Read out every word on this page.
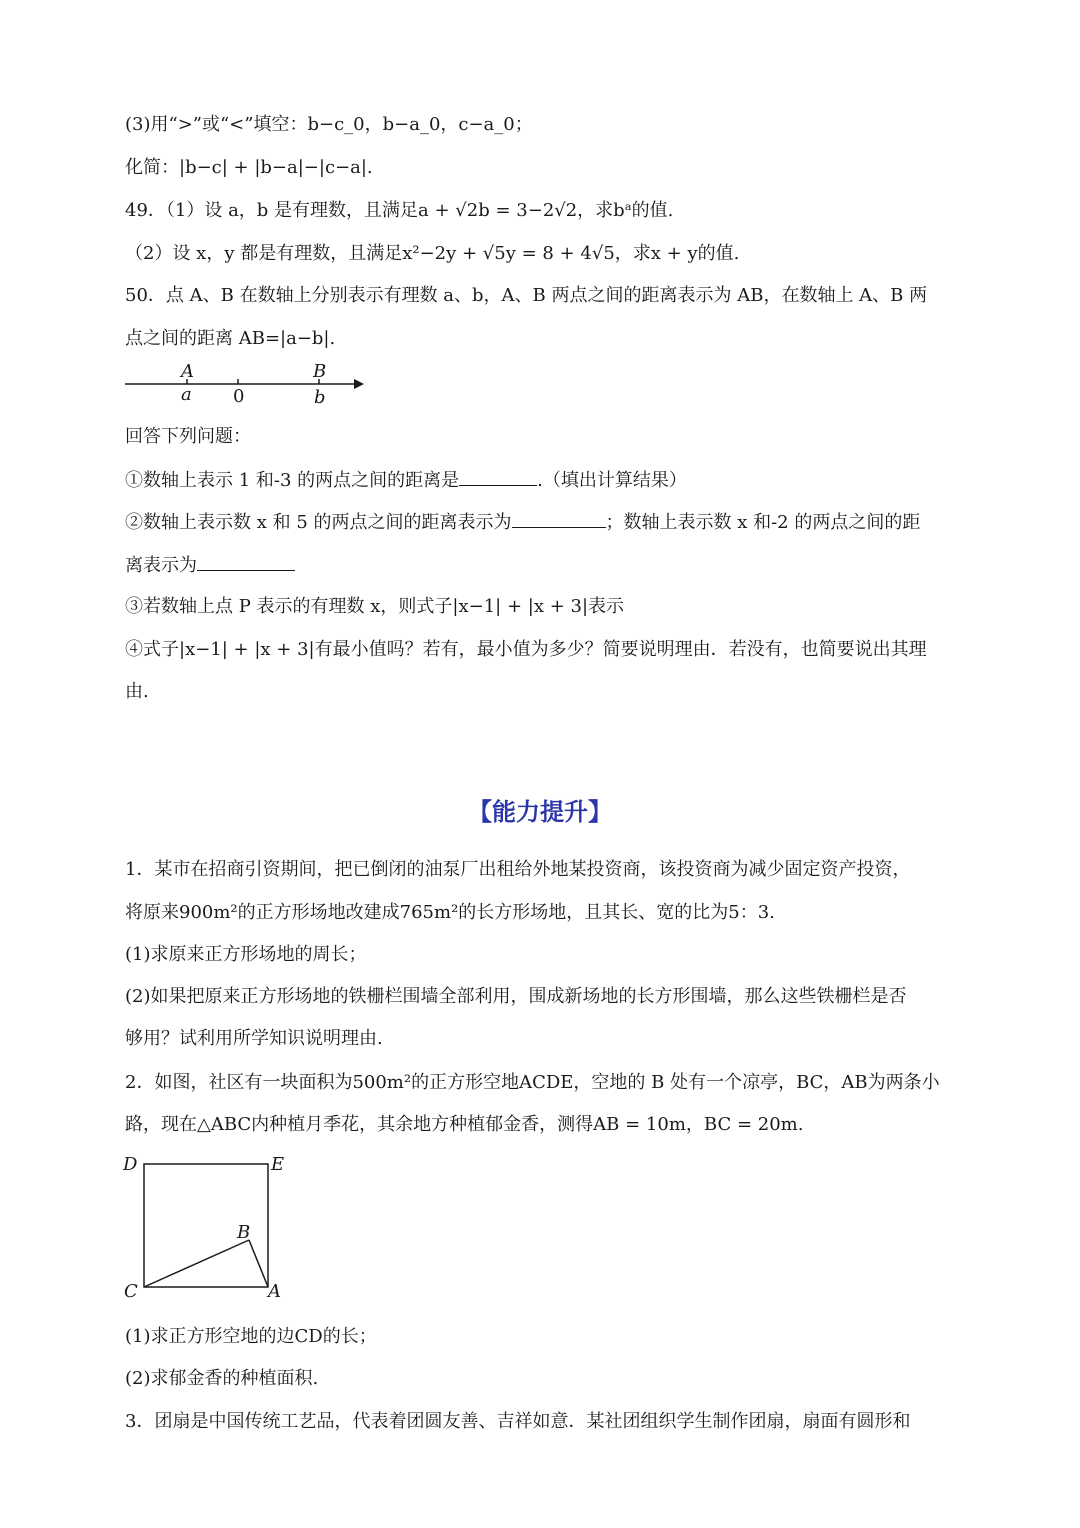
(3)用“>”或“<”填空：b−c_0，b−a_0，c−a_0；
化简：|b−c| + |b−a|−|c−a|.
49．（1）设 a，b 是有理数，且满足a + √2b = 3−2√2，求bᵃ的值.
（2）设 x，y 都是有理数，且满足x²−2y + √5y = 8 + 4√5，求x + y的值.
50．点 A、B 在数轴上分别表示有理数 a、b，A、B 两点之间的距离表示为 AB，在数轴上 A、B 两
点之间的距离 AB=|a−b|.
A
a 0
B
b
回答下列问题：
①数轴上表示 1 和-3 的两点之间的距离是	.（填出计算结果）
②数轴上表示数 x 和 5 的两点之间的距离表示为	；数轴上表示数 x 和-2 的两点之间的距
离表示为
③若数轴上点 P 表示的有理数 x，则式子|x−1| + |x + 3|表示
④式子|x−1| + |x + 3|有最小值吗？若有，最小值为多少？简要说明理由．若没有，也简要说出其理
由.
【能力提升】
1．某市在招商引资期间，把已倒闭的油泵厂出租给外地某投资商，该投资商为减少固定资产投资，
将原来900m²的正方形场地改建成765m²的长方形场地，且其长、宽的比为5：3.
(1)求原来正方形场地的周长；
(2)如果把原来正方形场地的铁栅栏围墙全部利用，围成新场地的长方形围墙，那么这些铁栅栏是否
够用？试利用所学知识说明理由.
2．如图，社区有一块面积为500m²的正方形空地ACDE，空地的 B 处有一个凉亭，BC，AB为两条小
路，现在△ABC内种植月季花，其余地方种植郁金香，测得AB = 10m，BC = 20m.
D	E
B
C	A
(1)求正方形空地的边CD的长；
(2)求郁金香的种植面积.
3．团扇是中国传统工艺品，代表着团圆友善、吉祥如意．某社团组织学生制作团扇，扇面有圆形和
